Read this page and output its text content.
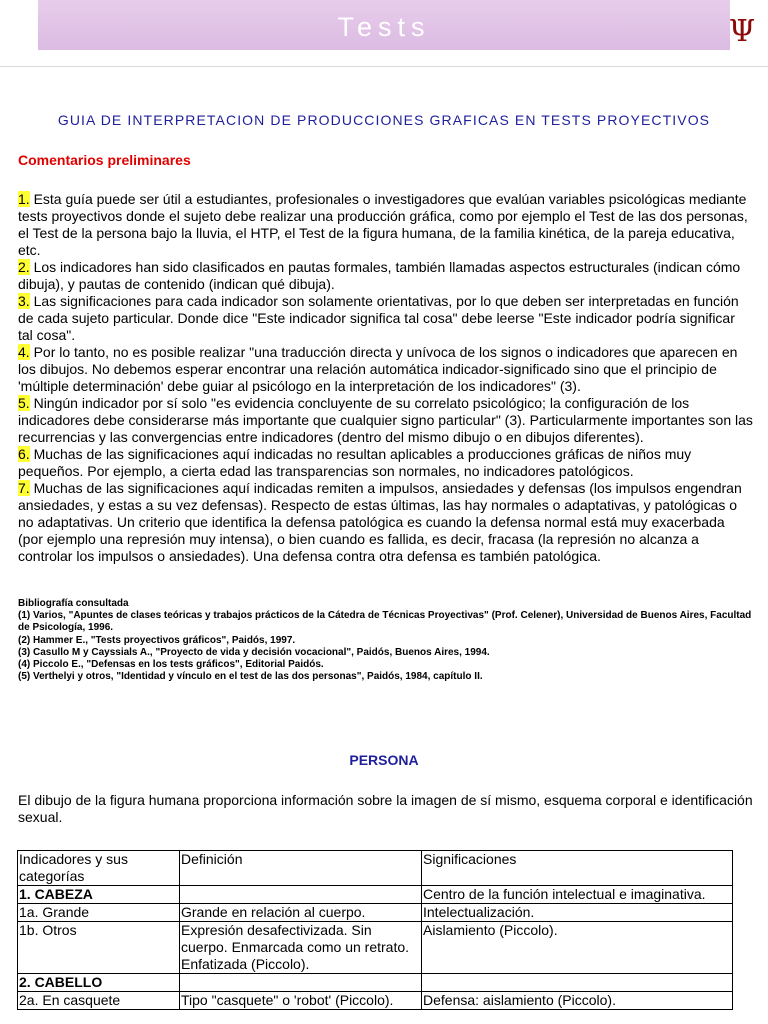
Tests	Ψ
GUIA DE INTERPRETACION DE PRODUCCIONES GRAFICAS EN TESTS PROYECTIVOS
Comentarios preliminares

1. Esta guía puede ser útil a estudiantes, profesionales o investigadores que evalúan variables psicológicas mediante tests proyectivos donde el sujeto debe realizar una producción gráfica, como por ejemplo el Test de las dos personas, el Test de la persona bajo la lluvia, el HTP, el Test de la figura humana, de la familia kinética, de la pareja educativa, etc.

2. Los indicadores han sido clasificados en pautas formales, también llamadas aspectos estructurales (indican cómo dibuja), y pautas de contenido (indican qué dibuja).

3. Las significaciones para cada indicador son solamente orientativas, por lo que deben ser interpretadas en función de cada sujeto particular. Donde dice "Este indicador significa tal cosa" debe leerse "Este indicador podría significar tal cosa".

4. Por lo tanto, no es posible realizar "una traducción directa y unívoca de los signos o indicadores que aparecen en los dibujos. No debemos esperar encontrar una relación automática indicador-significado sino que el principio de 'múltiple determinación' debe guiar al psicólogo en la interpretación de los indicadores" (3).

5. Ningún indicador por sí solo "es evidencia concluyente de su correlato psicológico; la configuración de los indicadores debe considerarse más importante que cualquier signo particular" (3). Particularmente importantes son las recurrencias y las convergencias entre indicadores (dentro del mismo dibujo o en dibujos diferentes).

6. Muchas de las significaciones aquí indicadas no resultan aplicables a producciones gráficas de niños muy pequeños. Por ejemplo, a cierta edad las transparencias son normales, no indicadores patológicos.

7. Muchas de las significaciones aquí indicadas remiten a impulsos, ansiedades y defensas (los impulsos engendran ansiedades, y estas a su vez defensas). Respecto de estas últimas, las hay normales o adaptativas, y patológicas o no adaptativas. Un criterio que identifica la defensa patológica es cuando la defensa normal está muy exacerbada (por ejemplo una represión muy intensa), o bien cuando es fallida, es decir, fracasa (la represión no alcanza a controlar los impulsos o ansiedades). Una defensa contra otra defensa es también patológica.

Bibliografía consultada
(1) Varios, "Apuntes de clases teóricas y trabajos prácticos de la Cátedra de Técnicas Proyectivas" (Prof. Celener), Universidad de Buenos Aires, Facultad de Psicología, 1996.
(2) Hammer E., "Tests proyectivos gráficos", Paidós, 1997.
(3) Casullo M y Cayssials A., "Proyecto de vida y decisión vocacional", Paidós, Buenos Aires, 1994.
(4) Piccolo E., "Defensas en los tests gráficos", Editorial Paidós.
(5) Verthelyi y otros, "Identidad y vínculo en el test de las dos personas", Paidós, 1984, capítulo II.
PERSONA
El dibujo de la figura humana proporciona información sobre la imagen de sí mismo, esquema corporal e identificación sexual.
Indicadores y sus categorías	Definición	Significaciones
1. CABEZA		Centro de la función intelectual e imaginativa.
1a. Grande	Grande en relación al cuerpo.	Intelectualización.
1b. Otros	Expresión desafectivizada. Sin cuerpo. Enmarcada como un retrato. Enfatizada (Piccolo).	Aislamiento (Piccolo).
2. CABELLO		
2a. En casquete	Tipo "casquete" o 'robot' (Piccolo).	Defensa: aislamiento (Piccolo).
